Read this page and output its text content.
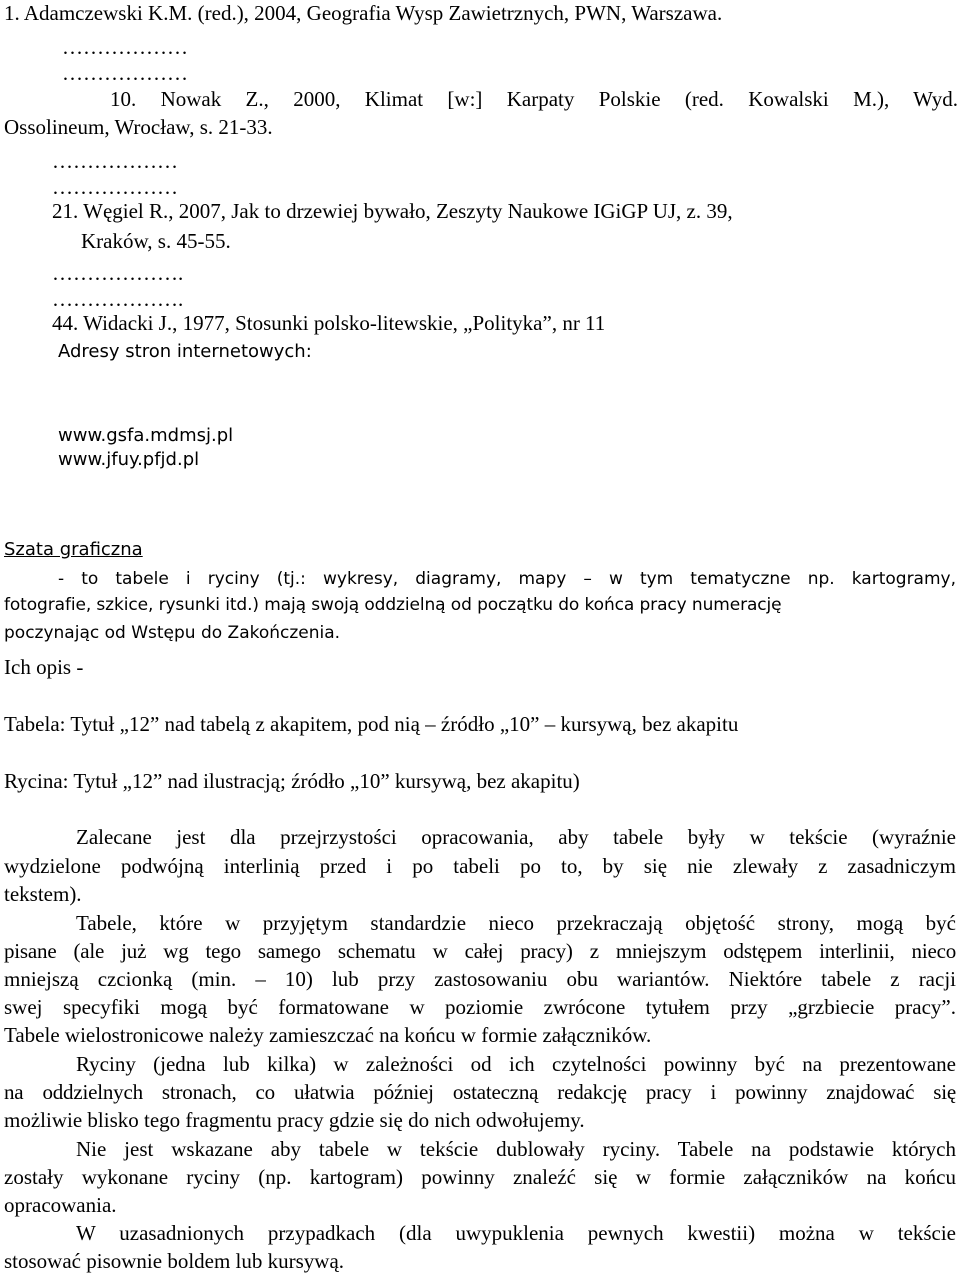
1. Adamczewski K.M. (red.), 2004, Geografia Wysp Zawietrznych, PWN, Warszawa.
………………
………………
10. Nowak Z., 2000, Klimat [w:] Karpaty Polskie (red. Kowalski M.), Wyd.
Ossolineum, Wrocław, s. 21-33.
………………
………………
21. Węgiel R., 2007, Jak to drzewiej bywało, Zeszyty Naukowe IGiGP UJ, z. 39,
Kraków, s. 45-55.
……………….
……………….
44. Widacki J., 1977, Stosunki polsko-litewskie, „Polityka”, nr 11
Adresy stron internetowych:
www.gsfa.mdmsj.pl
www.jfuy.pfjd.pl
Szata graficzna
- to tabele i ryciny (tj.: wykresy, diagramy, mapy – w tym tematyczne np. kartogramy,
fotografie, szkice, rysunki itd.) mają swoją oddzielną od początku do końca pracy numerację
poczynając od Wstępu do Zakończenia.
Ich opis -
Tabela: Tytuł „12” nad tabelą z akapitem, pod nią – źródło „10” – kursywą, bez akapitu
Rycina: Tytuł „12” nad ilustracją; źródło „10” kursywą, bez akapitu)
Zalecane jest dla przejrzystości opracowania, aby tabele były w tekście (wyraźnie
wydzielone podwójną interlinią przed i po tabeli po to, by się nie zlewały z zasadniczym
tekstem).
Tabele, które w przyjętym standardzie nieco przekraczają objętość strony, mogą być
pisane (ale już wg tego samego schematu w całej pracy) z mniejszym odstępem interlinii, nieco
mniejszą czcionką (min. – 10) lub przy zastosowaniu obu wariantów. Niektóre tabele z racji
swej specyfiki mogą być formatowane w poziomie zwrócone tytułem przy „grzbiecie pracy”.
Tabele wielostronicowe należy zamieszczać na końcu w formie załączników.
Ryciny (jedna lub kilka) w zależności od ich czytelności powinny być na prezentowane
na oddzielnych stronach, co ułatwia później ostateczną redakcję pracy i powinny znajdować się
możliwie blisko tego fragmentu pracy gdzie się do nich odwołujemy.
Nie jest wskazane aby tabele w tekście dublowały ryciny. Tabele na podstawie których
zostały wykonane ryciny (np. kartogram) powinny znaleźć się w formie załączników na końcu
opracowania.
W uzasadnionych przypadkach (dla uwypuklenia pewnych kwestii) można w tekście
stosować pisownie boldem lub kursywą.
